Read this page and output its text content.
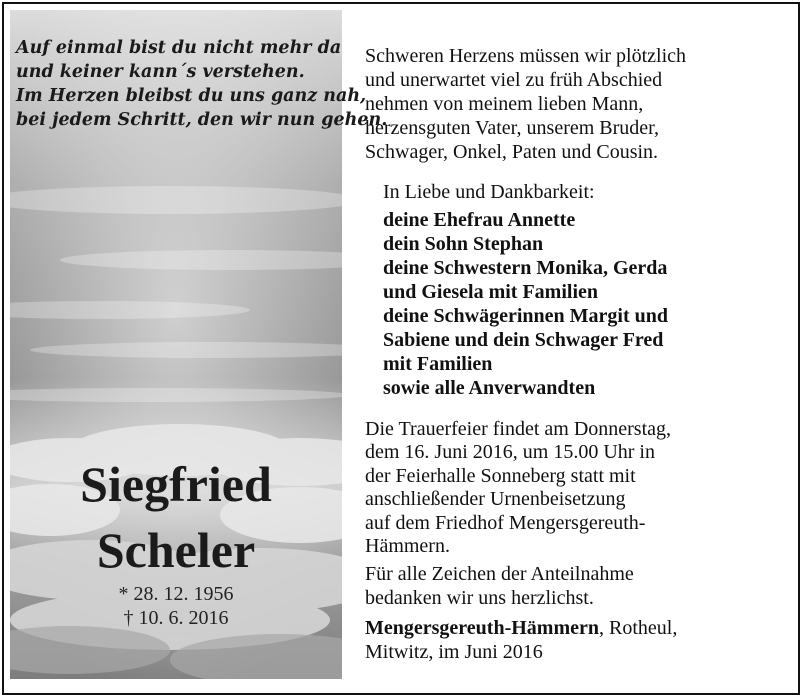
Auf einmal bist du nicht mehr da
und keiner kann´s verstehen.
Im Herzen bleibst du uns ganz nah,
bei jedem Schritt, den wir nun gehen.
Siegfried
Scheler
* 28. 12. 1956
† 10. 6. 2016
Schweren Herzens müssen wir plötzlich
und unerwartet viel zu früh Abschied
nehmen von meinem lieben Mann,
herzensguten Vater, unserem Bruder,
Schwager, Onkel, Paten und Cousin.
In Liebe und Dankbarkeit:
deine Ehefrau Annette
dein Sohn Stephan
deine Schwestern Monika, Gerda
und Giesela mit Familien
deine Schwägerinnen Margit und
Sabiene und dein Schwager Fred
mit Familien
sowie alle Anverwandten
Die Trauerfeier findet am Donnerstag,
dem 16. Juni 2016, um 15.00 Uhr in
der Feierhalle Sonneberg statt mit
anschließender Urnenbeisetzung
auf dem Friedhof Mengersgereuth-
Hämmern.
Für alle Zeichen der Anteilnahme
bedanken wir uns herzlichst.
Mengersgereuth-Hämmern, Rotheul,
Mitwitz, im Juni 2016
